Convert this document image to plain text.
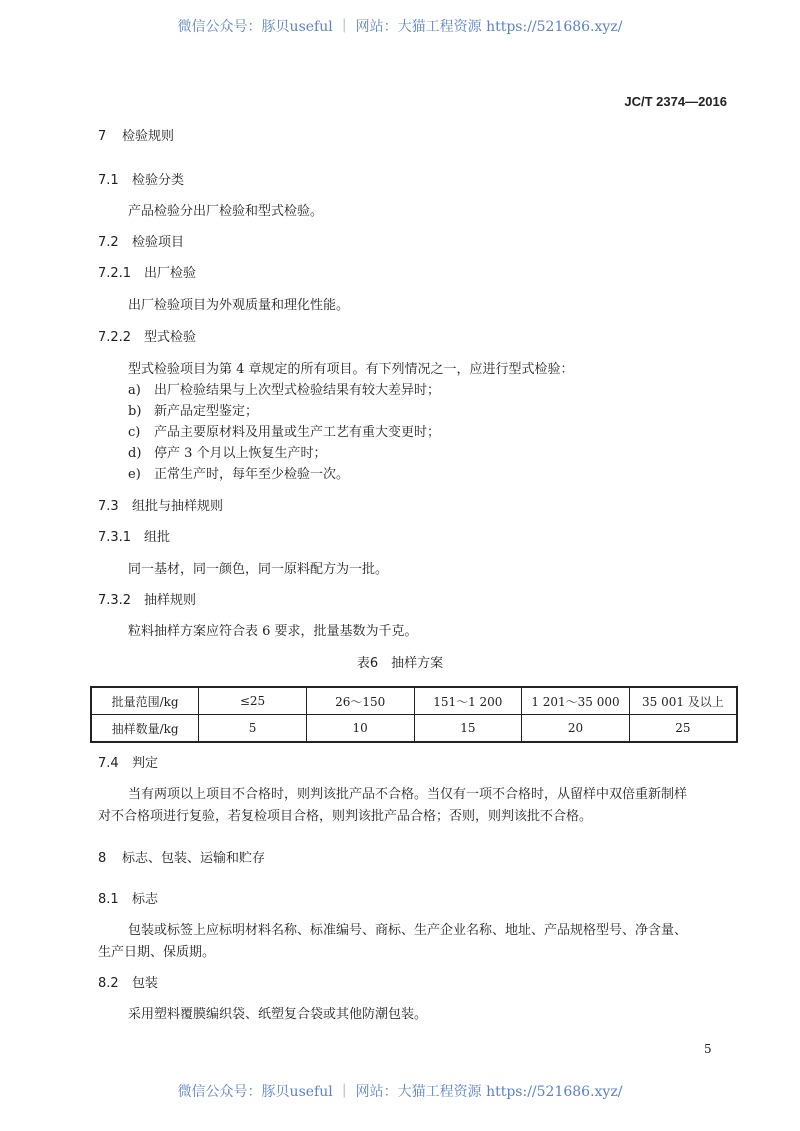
微信公众号：豚贝useful ｜ 网站：大猫工程资源 https://521686.xyz/
JC/T 2374—2016
7 检验规则
7.1 检验分类
产品检验分出厂检验和型式检验。
7.2 检验项目
7.2.1 出厂检验
出厂检验项目为外观质量和理化性能。
7.2.2 型式检验
型式检验项目为第 4 章规定的所有项目。有下列情况之一，应进行型式检验：
a) 出厂检验结果与上次型式检验结果有较大差异时；
b) 新产品定型鉴定；
c) 产品主要原材料及用量或生产工艺有重大变更时；
d) 停产 3 个月以上恢复生产时；
e) 正常生产时，每年至少检验一次。
7.3 组批与抽样规则
7.3.1 组批
同一基材，同一颜色，同一原料配方为一批。
7.3.2 抽样规则
粒料抽样方案应符合表 6 要求，批量基数为千克。
表6　抽样方案
批量范围/kg	≤25	26～150	151～1 200	1 201～35 000	35 001 及以上
抽样数量/kg	5	10	15	20	25
7.4 判定
当有两项以上项目不合格时，则判该批产品不合格。当仅有一项不合格时，从留样中双倍重新制样
对不合格项进行复验，若复检项目合格，则判该批产品合格；否则，则判该批不合格。
8 标志、包装、运输和贮存
8.1 标志
包装或标签上应标明材料名称、标准编号、商标、生产企业名称、地址、产品规格型号、净含量、
生产日期、保质期。
8.2 包装
采用塑料覆膜编织袋、纸塑复合袋或其他防潮包装。
5
微信公众号：豚贝useful ｜ 网站：大猫工程资源 https://521686.xyz/
